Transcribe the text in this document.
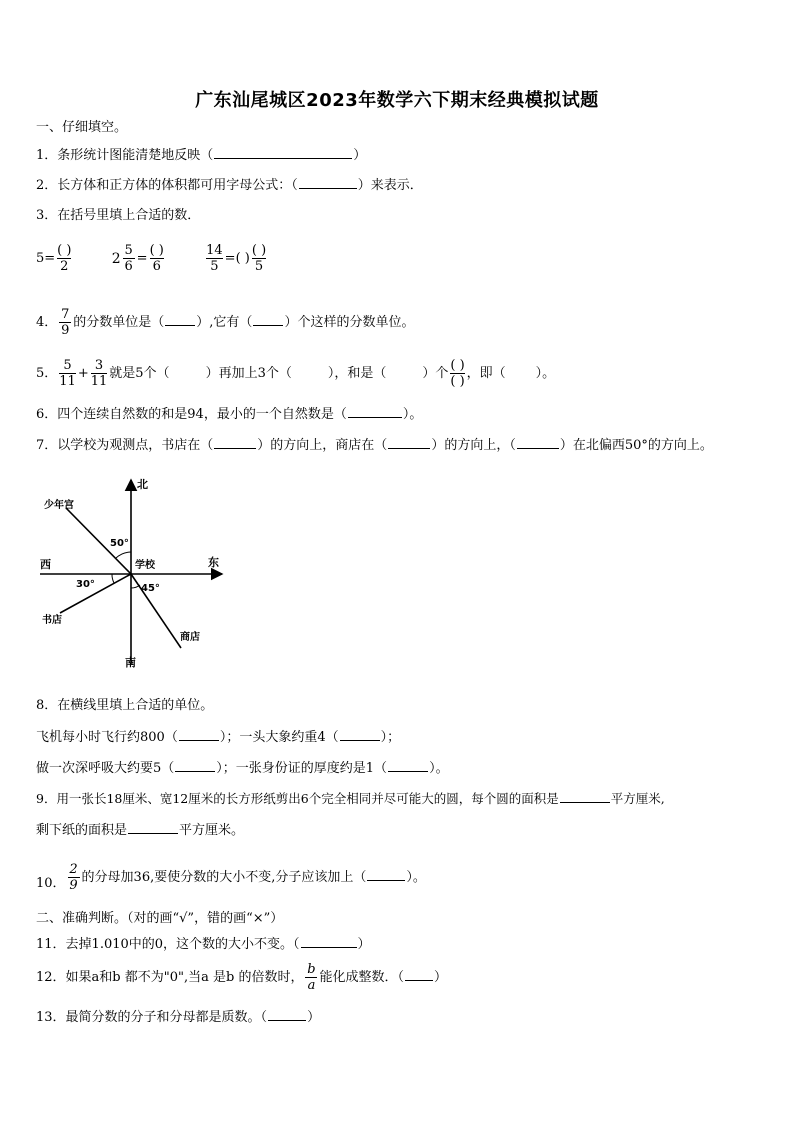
广东汕尾城区2023年数学六下期末经典模拟试题
一、仔细填空。
1．条形统计图能清楚地反映（	）
2．长方体和正方体的体积都可用字母公式：（	）来表示．
3．在括号里填上合适的数．
$5= \frac{( )}{2}$	$2 \frac{5}{6} = \frac{( )}{6}$
	$\frac{14}{5}$ =( ) $\frac{( )}{5}$
4． $\frac{7}{9}$ 的分数单位是（ ）,它有（ ）个这样的分数单位。
5． $\frac{5}{11} + \frac{3}{11}$ 就是5个（	）再加上3个（	），和是（	）个 $\frac{( )}{( )}$ ，即（ ）。
6．四个连续自然数的和是94，最小的一个自然数是（	）。
7．以学校为观测点，书店在（	）的方向上，商店在（	）的方向上，（	）在北偏西50°的方向上。
北
南
东
西	学校
少年宫
书店
商店
50°
30°	45°
8．在横线里填上合适的单位。
飞机每小时飞行约800（	）；一头大象约重4（	）；
做一次深呼吸大约要5（	）；一张身份证的厚度约是1（	）。
9．用一张长18厘米、宽12厘米的长方形纸剪出6个完全相同并尽可能大的圆，每个圆的面积是	平方厘米,
剩下纸的面积是	平方厘米。
10． $\frac{2}{9}$ 的分母加36,要使分数的大小不变,分子应该加上（	）。
二、准确判断。（对的画“√”，错的画“×”）
11．去掉1.010中的0，这个数的大小不变。（	）
12．如果a和b 都不为"0",当a 是b 的倍数时， $\frac{b}{a}$ 能化成整数．（ ）
13．最简分数的分子和分母都是质数。（	）
